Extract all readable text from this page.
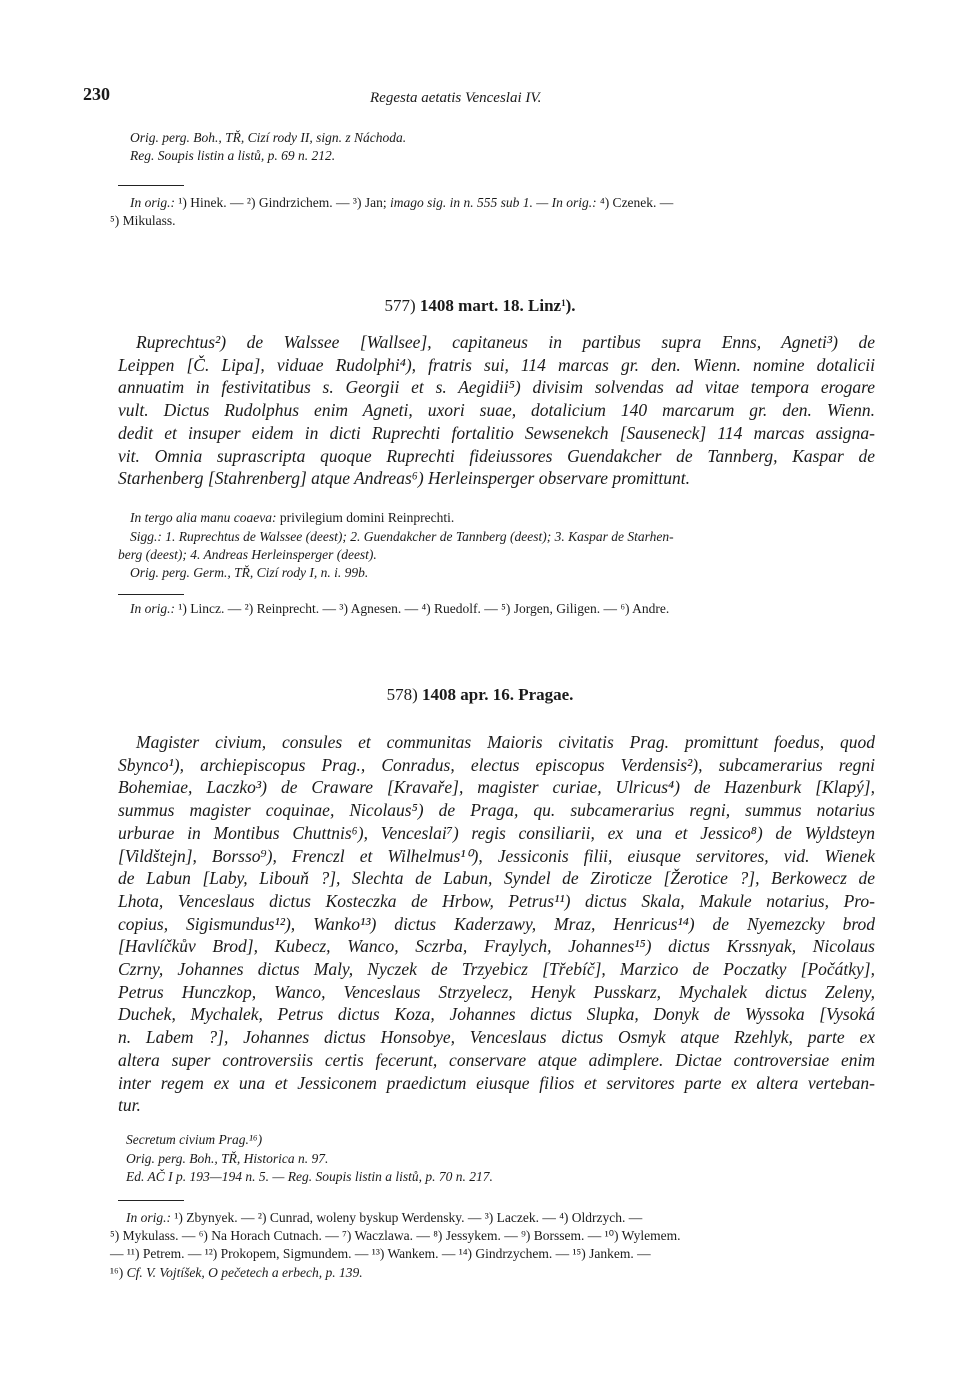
230	Regesta aetatis Venceslai IV.
Orig. perg. Boh., TŘ, Cizí rody II, sign. z Náchoda.
Reg. Soupis listin a listů, p. 69 n. 212.
In orig.: ¹) Hinek. — ²) Gindrzichem. — ³) Jan; imago sig. in n. 555 sub 1. — In orig.: ⁴) Czenek. —
⁵) Mikulass.
577) 1408 mart. 18. Linz$^1$).
Ruprechtus²) de Walssee [Wallsee], capitaneus in partibus supra Enns, Agneti³) de
Leippen [Č. Lipa], viduae Rudolphi⁴), fratris sui, 114 marcas gr. den. Wienn. nomine dotalicii
annuatim in festivitatibus s. Georgii et s. Aegidii⁵) divisim solvendas ad vitae tempora erogare
vult. Dictus Rudolphus enim Agneti, uxori suae, dotalicium 140 marcarum gr. den. Wienn.
dedit et insuper eidem in dicti Ruprechti fortalitio Sewsenekch [Sauseneck] 114 marcas assigna-
vit. Omnia suprascripta quoque Ruprechti fideiussores Guendakcher de Tannberg, Kaspar de
Starhenberg [Stahrenberg] atque Andreas⁶) Herleinsperger observare promittunt.
In tergo alia manu coaeva: privilegium domini Reinprechti.
Sigg.: 1. Ruprechtus de Walssee (deest); 2. Guendakcher de Tannberg (deest); 3. Kaspar de Starhen-
berg (deest); 4. Andreas Herleinsperger (deest).
Orig. perg. Germ., TŘ, Cizí rody I, n. i. 99b.
In orig.: ¹) Lincz. — ²) Reinprecht. — ³) Agnesen. — ⁴) Ruedolf. — ⁵) Jorgen, Giligen. — ⁶) Andre.
578) 1408 apr. 16. Pragae.
Magister civium, consules et communitas Maioris civitatis Prag. promittunt foedus, quod
Sbynco¹), archiepiscopus Prag., Conradus, electus episcopus Verdensis²), subcamerarius regni
Bohemiae, Laczko³) de Craware [Kravaře], magister curiae, Ulricus⁴) de Hazenburk [Klapý],
summus magister coquinae, Nicolaus⁵) de Praga, qu. subcamerarius regni, summus notarius
urburae in Montibus Chuttnis⁶), Venceslai⁷) regis consiliarii, ex una et Jessico⁸) de Wyldsteyn
[Vildštejn], Borsso⁹), Frenczl et Wilhelmus¹⁰), Jessiconis filii, eiusque servitores, vid. Wienek
de Labun [Laby, Libouň ?], Slechta de Labun, Syndel de Ziroticze [Žerotice ?], Berkowecz de
Lhota, Venceslaus dictus Kosteczka de Hrbow, Petrus¹¹) dictus Skala, Makule notarius, Pro-
copius, Sigismundus¹²), Wanko¹³) dictus Kaderzawy, Mraz, Henricus¹⁴) de Nyemezcky brod
[Havlíčkův Brod], Kubecz, Wanco, Sczrba, Fraylych, Johannes¹⁵) dictus Krssnyak, Nicolaus
Czrny, Johannes dictus Maly, Nyczek de Trzyebicz [Třebíč], Marzico de Poczatky [Počátky],
Petrus Hunczkop, Wanco, Venceslaus Strzyelecz, Henyk Pusskarz, Mychalek dictus Zeleny,
Duchek, Mychalek, Petrus dictus Koza, Johannes dictus Slupka, Donyk de Wyssoka [Vysoká
n. Labem ?], Johannes dictus Honsobye, Venceslaus dictus Osmyk atque Rzehlyk, parte ex
altera super controversiis certis fecerunt, conservare atque adimplere. Dictae controversiae enim
inter regem ex una et Jessiconem praedictum eiusque filios et servitores parte ex altera verteban-
tur.
Secretum civium Prag.¹⁶)
Orig. perg. Boh., TŘ, Historica n. 97.
Ed. AČ I p. 193—194 n. 5. — Reg. Soupis listin a listů, p. 70 n. 217.
In orig.: ¹) Zbynyek. — ²) Cunrad, woleny byskup Werdensky. — ³) Laczek. — ⁴) Oldrzych. —
⁵) Mykulass. — ⁶) Na Horach Cutnach. — ⁷) Waczlawa. — ⁸) Jessykem. — ⁹) Borssem. — ¹⁰) Wylemem.
— ¹¹) Petrem. — ¹²) Prokopem, Sigmundem. — ¹³) Wankem. — ¹⁴) Gindrzychem. — ¹⁵) Jankem. —
¹⁶) Cf. V. Vojtíšek, O pečetech a erbech, p. 139.
